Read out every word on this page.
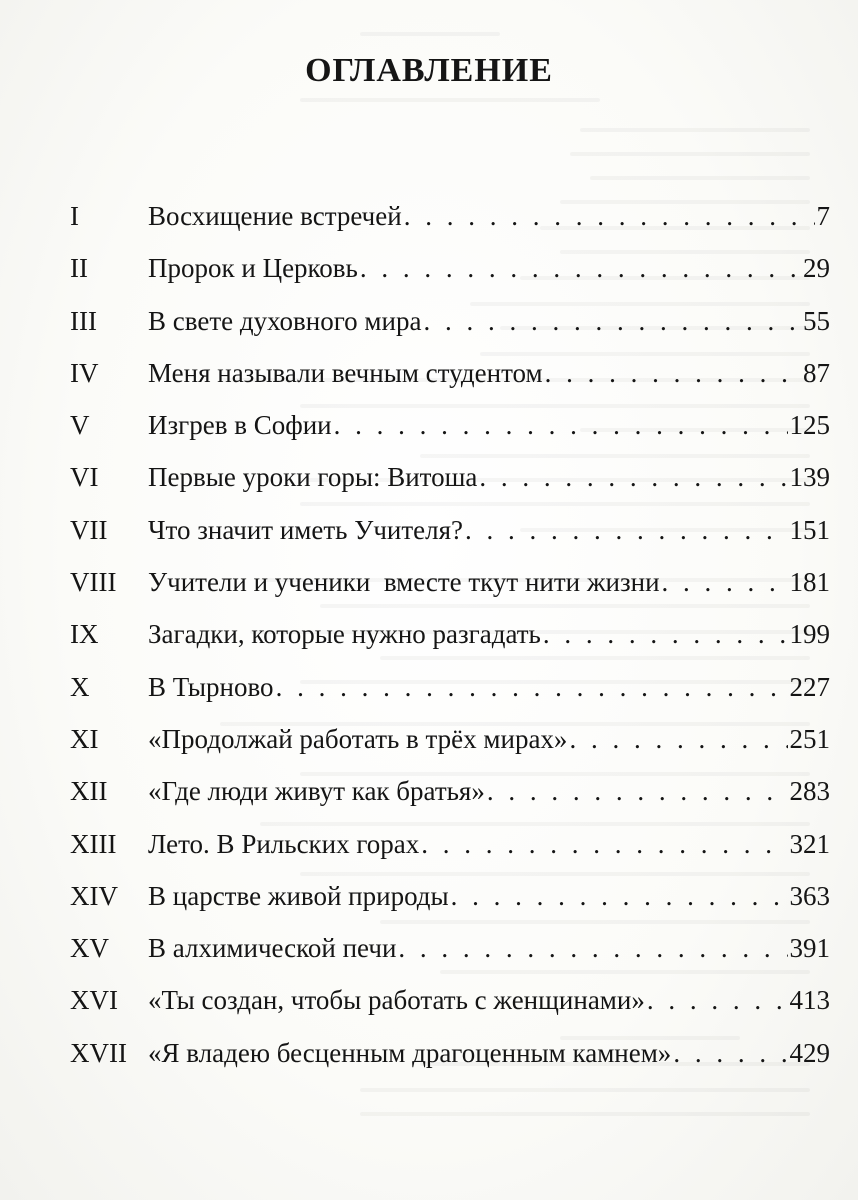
ОГЛАВЛЕНИЕ
I	Восхищение встречей . . .	7
II	Пророк и Церковь . . .	29
III	В свете духовного мира . . .	55
IV	Меня называли вечным студентом . . .	87
V	Изгрев в Софии . . .	125
VI	Первые уроки горы: Витоша . . .	139
VII	Что значит иметь Учителя? . . .	151
VIII	Учители и ученики  вместе ткут нити жизни . . .	181
IX	Загадки, которые нужно разгадать . . .	199
X	В Тырново . . .	227
XI	«Продолжай работать в трёх мирах» . . .	251
XII	«Где люди живут как братья» . . .	283
XIII	Лето. В Рильских горах . . .	321
XIV	В царстве живой природы . . .	363
XV	В алхимической печи . . .	391
XVI	«Ты создан, чтобы работать с женщинами» . . .	413
XVII «Я владею бесценным драгоценным камнем» . . .	429
